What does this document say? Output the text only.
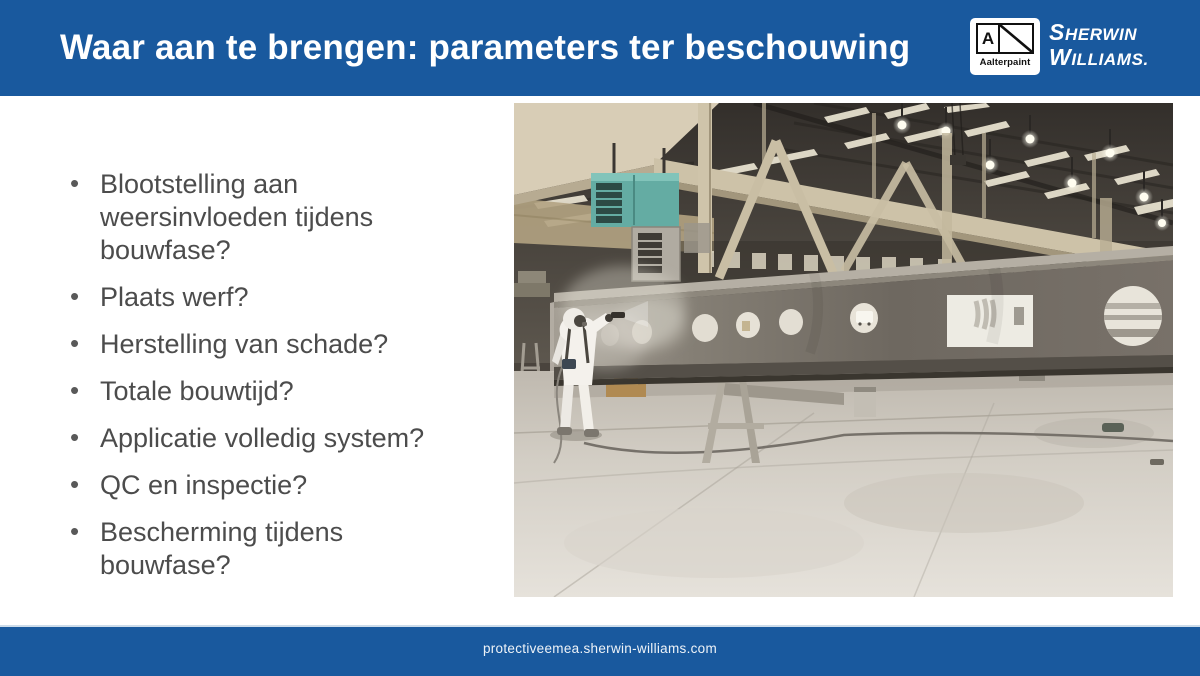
Waar aan te brengen: parameters ter beschouwing	A
Aalterpaint
SHERWIN
WILLIAMS.
• Blootstelling aan weersinvloeden tijdens bouwfase?
• Plaats werf?
• Herstelling van schade?
• Totale bouwtijd?
• Applicatie volledig system?
• QC en inspectie?
• Bescherming tijdens bouwfase?
protectiveemea.sherwin-williams.com
